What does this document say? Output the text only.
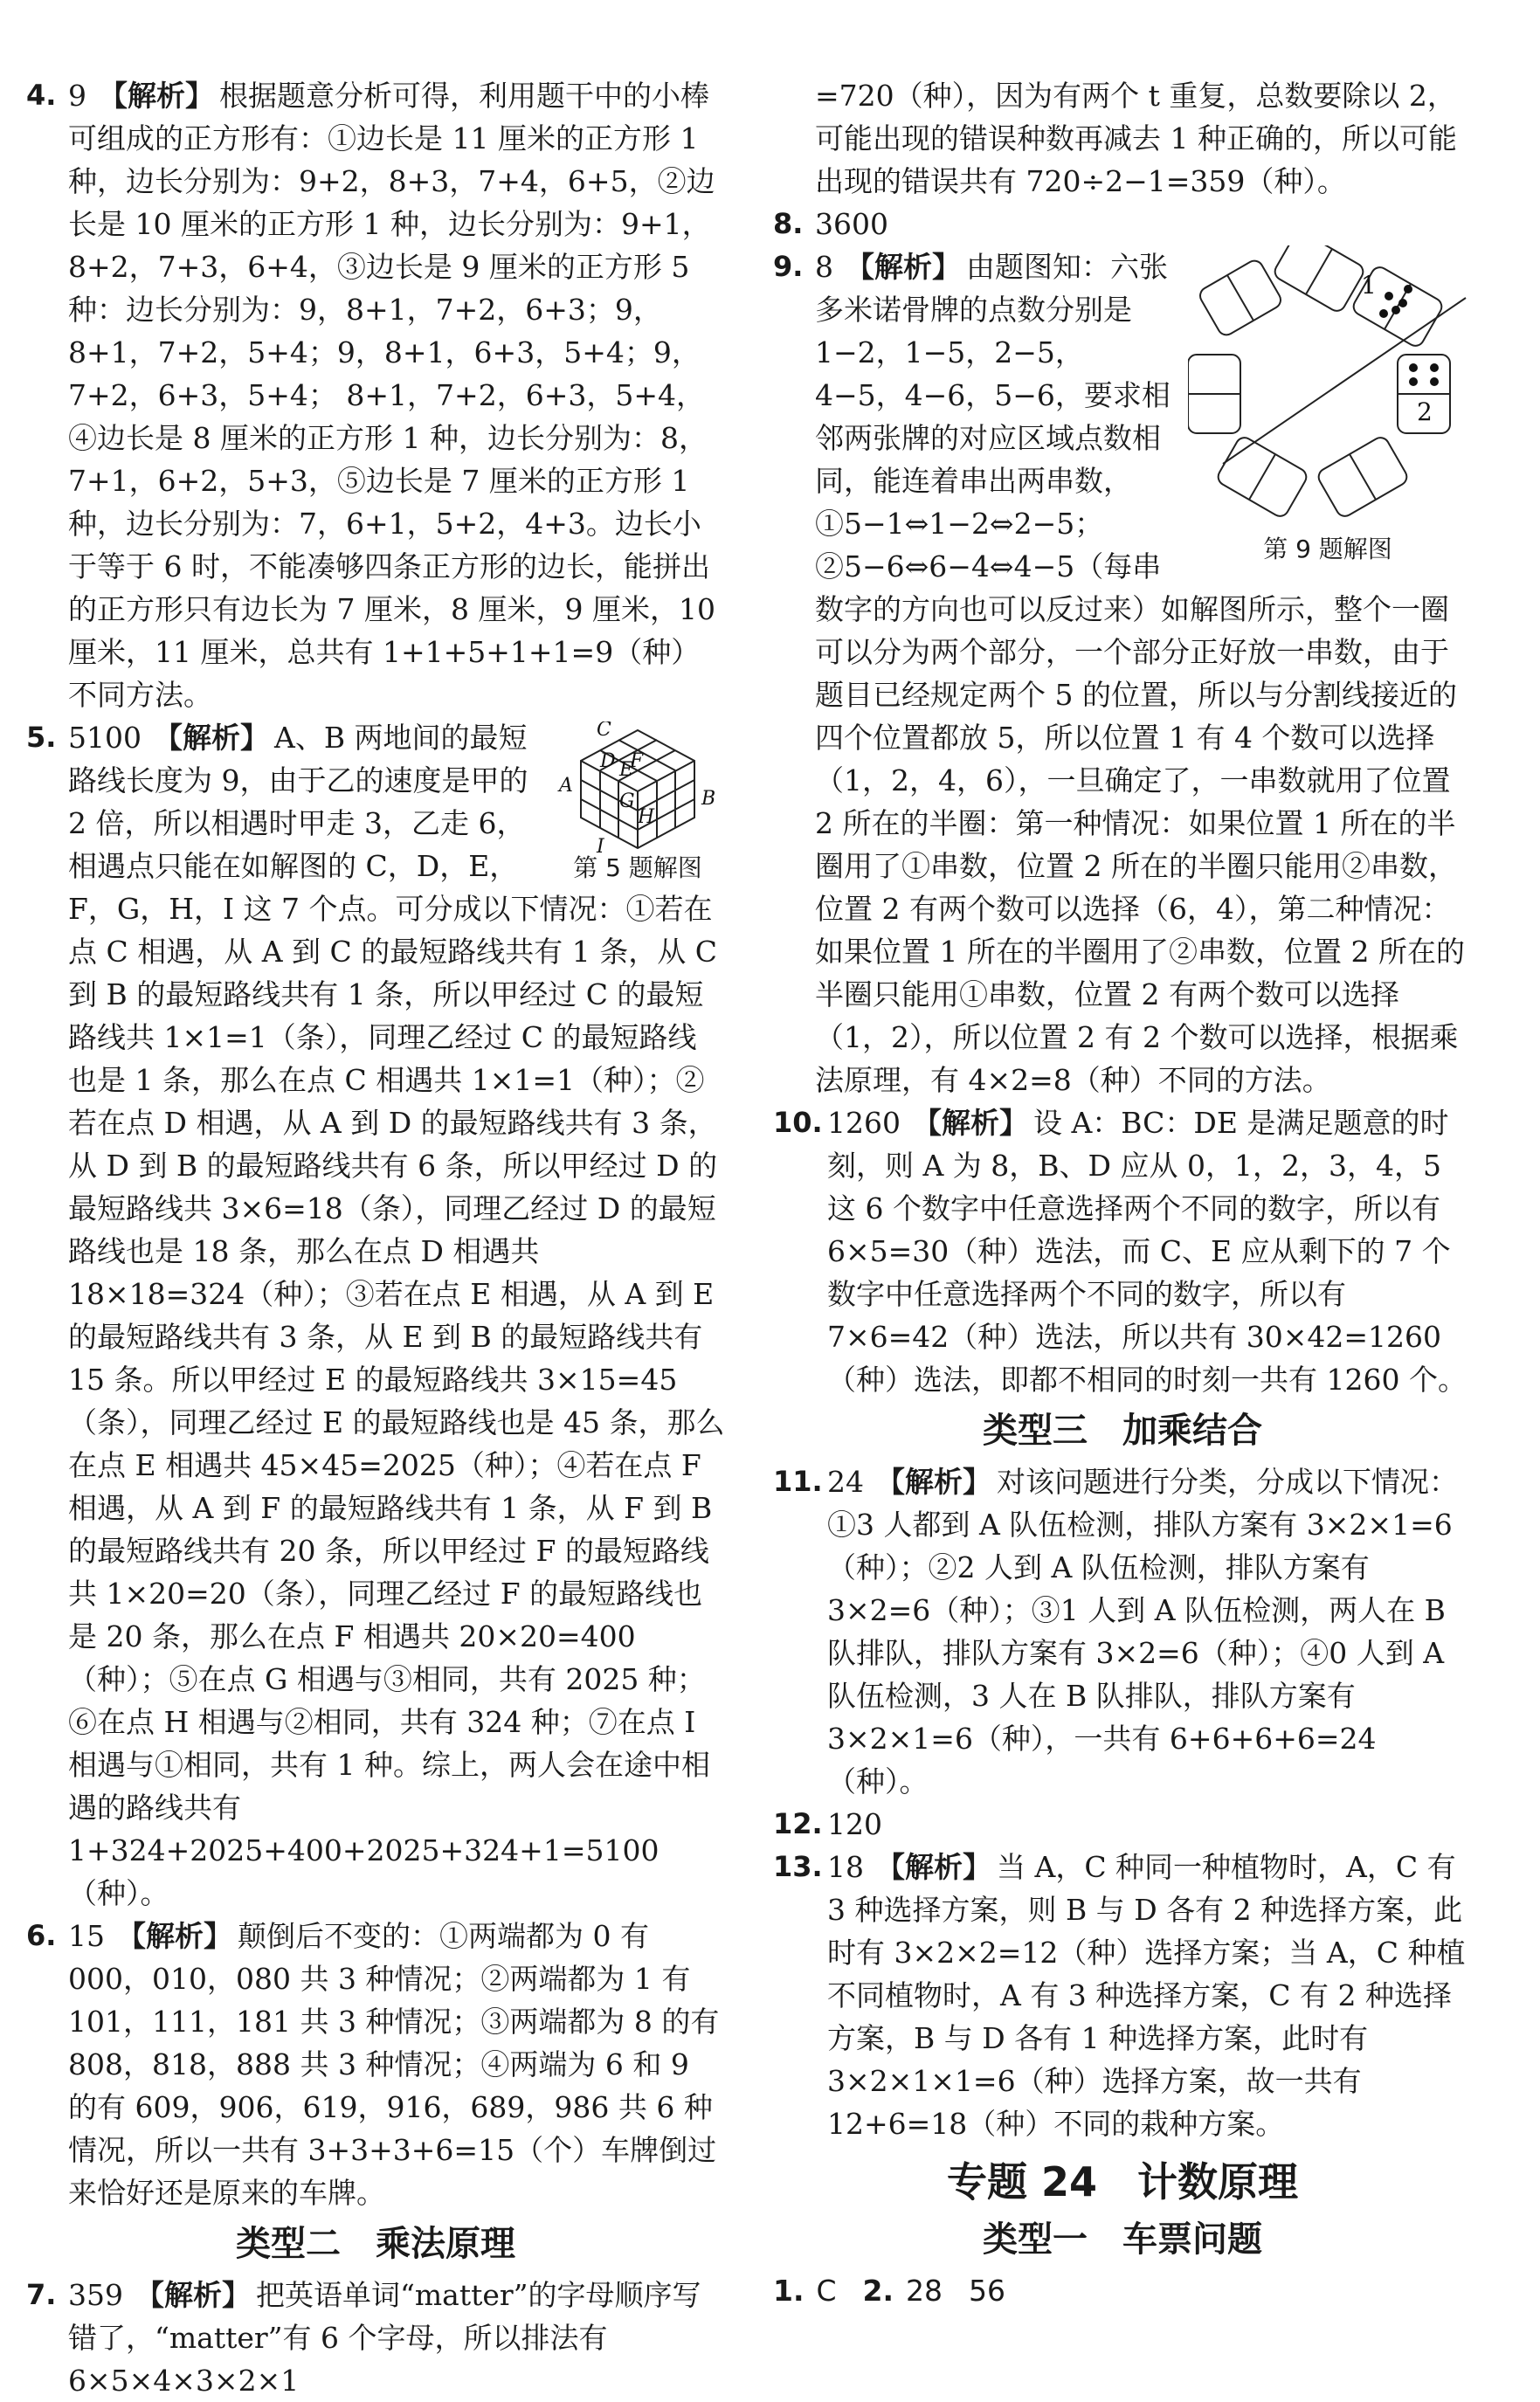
4. 9 【解析】 根据题意分析可得，利用题干中的小棒可组成的正方形有：①边长是 11 厘米的正方形 1 种，边长分别为：9+2，8+3，7+4，6+5，②边长是 10 厘米的正方形 1 种，边长分别为：9+1，8+2，7+3，6+4，③边长是 9 厘米的正方形 5 种：边长分别为：9，8+1，7+2，6+3；9，8+1，7+2，5+4；9，8+1，6+3，5+4；9，7+2，6+3，5+4； 8+1，7+2，6+3，5+4，④边长是 8 厘米的正方形 1 种，边长分别为：8，7+1，6+2，5+3，⑤边长是 7 厘米的正方形 1 种，边长分别为：7，6+1，5+2，4+3。边长小于等于 6 时，不能凑够四条正方形的边长，能拼出的正方形只有边长为 7 厘米，8 厘米，9 厘米，10 厘米，11 厘米，总共有 1+1+5+1+1=9（种）不同方法。

5.	C
D E
F
G
H
I
A
B
第 5 题解图
5100 【解析】 A、B 两地间的最短路线长度为 9，由于乙的速度是甲的 2 倍，所以相遇时甲走 3，乙走 6，相遇点只能在如解图的 C，D，E，F，G，H，I 这 7 个点。可分成以下情况：①若在点 C 相遇，从 A 到 C 的最短路线共有 1 条，从 C 到 B 的最短路线共有 1 条，所以甲经过 C 的最短路线共 1×1=1（条），同理乙经过 C 的最短路线也是 1 条，那么在点 C 相遇共 1×1=1（种）；②若在点 D 相遇，从 A 到 D 的最短路线共有 3 条，从 D 到 B 的最短路线共有 6 条，所以甲经过 D 的最短路线共 3×6=18（条），同理乙经过 D 的最短路线也是 18 条，那么在点 D 相遇共 18×18=324（种）；③若在点 E 相遇，从 A 到 E 的最短路线共有 3 条，从 E 到 B 的最短路线共有 15 条。所以甲经过 E 的最短路线共 3×15=45（条），同理乙经过 E 的最短路线也是 45 条，那么在点 E 相遇共 45×45=2025（种）；④若在点 F 相遇，从 A 到 F 的最短路线共有 1 条，从 F 到 B 的最短路线共有 20 条，所以甲经过 F 的最短路线共 1×20=20（条），同理乙经过 F 的最短路线也是 20 条，那么在点 F 相遇共 20×20=400（种）；⑤在点 G 相遇与③相同，共有 2025 种；⑥在点 H 相遇与②相同，共有 324 种；⑦在点 I 相遇与①相同，共有 1 种。综上，两人会在途中相遇的路线共有 1+324+2025+400+2025+324+1=5100（种）。

6. 15 【解析】 颠倒后不变的：①两端都为 0 有 000，010，080 共 3 种情况；②两端都为 1 有 101，111，181 共 3 种情况；③两端都为 8 的有 808，818，888 共 3 种情况；④两端为 6 和 9 的有 609，906，619，916，689，986 共 6 种情况，所以一共有 3+3+3+6=15（个）车牌倒过来恰好还是原来的车牌。

类型二　乘法原理

7. 359 【解析】 把英语单词“matter”的字母顺序写错了，“matter”有 6 个字母，所以排法有 6×5×4×3×2×1

=720（种），因为有两个 t 重复，总数要除以 2，可能出现的错误种数再减去 1 种正确的，所以可能出现的错误共有 720÷2−1=359（种）。

8. 3600

9.
1
2
第 9 题解图
8 【解析】 由题图知：六张多米诺骨牌的点数分别是 1−2，1−5，2−5，4−5，4−6，5−6，要求相邻两张牌的对应区域点数相同，能连着串出两串数，①5−1⇔1−2⇔2−5；②5−6⇔6−4⇔4−5（每串数字的方向也可以反过来）如解图所示，整个一圈可以分为两个部分，一个部分正好放一串数，由于题目已经规定两个 5 的位置，所以与分割线接近的四个位置都放 5，所以位置 1 有 4 个数可以选择（1，2，4，6），一旦确定了，一串数就用了位置 2 所在的半圈：第一种情况：如果位置 1 所在的半圈用了①串数，位置 2 所在的半圈只能用②串数，位置 2 有两个数可以选择（6，4），第二种情况：如果位置 1 所在的半圈用了②串数，位置 2 所在的半圈只能用①串数，位置 2 有两个数可以选择（1，2），所以位置 2 有 2 个数可以选择，根据乘法原理，有 4×2=8（种）不同的方法。

10. 1260 【解析】 设 A：BC：DE 是满足题意的时刻，则 A 为 8，B、D 应从 0，1，2，3，4，5 这 6 个数字中任意选择两个不同的数字，所以有 6×5=30（种）选法，而 C、E 应从剩下的 7 个数字中任意选择两个不同的数字，所以有 7×6=42（种）选法，所以共有 30×42=1260（种）选法，即都不相同的时刻一共有 1260 个。

类型三　加乘结合

11. 24 【解析】 对该问题进行分类，分成以下情况：①3 人都到 A 队伍检测，排队方案有 3×2×1=6（种）；②2 人到 A 队伍检测，排队方案有 3×2=6（种）；③1 人到 A 队伍检测，两人在 B 队排队，排队方案有 3×2=6（种）；④0 人到 A 队伍检测，3 人在 B 队排队，排队方案有 3×2×1=6（种），一共有 6+6+6+6=24（种）。

12. 120

13. 18 【解析】 当 A，C 种同一种植物时，A，C 有 3 种选择方案，则 B 与 D 各有 2 种选择方案，此时有 3×2×2=12（种）选择方案；当 A，C 种植不同植物时，A 有 3 种选择方案，C 有 2 种选择方案，B 与 D 各有 1 种选择方案，此时有 3×2×1×1=6（种）选择方案，故一共有 12+6=18（种）不同的栽种方案。

专题 24　计数原理
类型一　车票问题
1. C 2. 28 56
